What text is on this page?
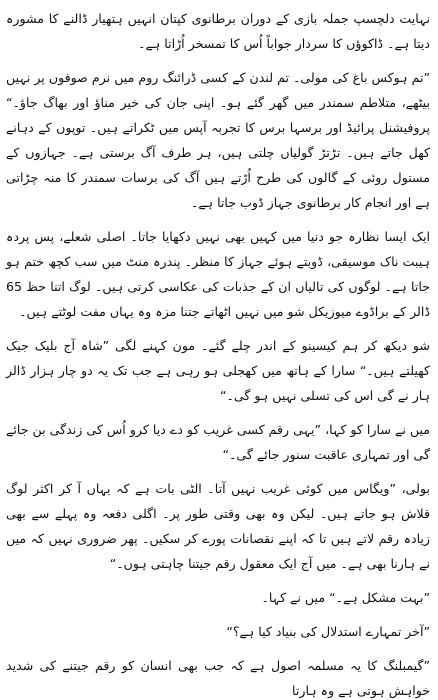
نہایت دلچسپ جملہ بازی کے دوران برطانوی کپتان انہیں ہتھیار ڈالنے کا مشورہ دیتا ہے۔ ڈاکوؤں کا سردار جواباً اُس کا تمسخر اُڑاتا ہے۔

”تم ہوکس باغ کی مولی۔ تم لندن کے کسی ڈرائنگ روم میں نرم صوفوں پر نہیں بیٹھے، متلاطم سمندر میں گھر گئے ہو۔ اپنی جان کی خیر مناؤ اور بھاگ جاؤ۔“ پروفیشنل پرائیڈ اور برسہا برس کا تجربہ آپس میں ٹکراتے ہیں۔ توپوں کے دہانے کھل جاتے ہیں۔ تڑتڑ گولیاں چلتی ہیں، ہر طرف آگ برستی ہے۔ جہازوں کے مستول روئی کے گالوں کی طرح اُڑتے ہیں آگ کی برسات سمندر کا منہ چڑاتی ہے اور انجام کار برطانوی جہاز ڈوب جاتا ہے۔

ایک ایسا نظارہ جو دنیا میں کہیں بھی نہیں دکھایا جاتا۔ اصلی شعلے، پس پردہ ہیبت ناک موسیقی، ڈوبتے ہوئے جہاز کا منظر۔ پندرہ منٹ میں سب کچھ ختم ہو جاتا ہے۔ لوگوں کی تالیاں ان کے جذبات کی عکاسی کرتی ہیں۔ لوگ اتنا حظ 65 ڈالر کے براڈوے میوزیکل شو میں نہیں اٹھاتے جتنا مزہ وہ یہاں مفت لوٹتے ہیں۔

شو دیکھ کر ہم کیسینو کے اندر چلے گئے۔ مون کہنے لگی ”شاہ آج بلیک جیک کھیلتے ہیں۔“ سارا کے ہاتھ میں کھجلی ہو رہی ہے جب تک یہ دو چار ہزار ڈالر ہار نے گی اس کی تسلی نہیں ہو گی۔“

میں نے سارا کو کہا، ”یہی رقم کسی غریب کو دے دیا کرو اُس کی زندگی بن جائے گی اور تمہاری عاقبت سنور جائے گی۔“

بولی، ”ویگاس میں کوئی غریب نہیں آتا۔ الٹی بات ہے کہ یہاں آ کر اکثر لوگ قلاش ہو جاتے ہیں۔ لیکن وہ بھی وقتی طور پر۔ اگلی دفعہ وہ پہلے سے بھی زیادہ رقم لاتے ہیں تا کہ اپنے نقصانات پورے کر سکیں۔ پھر ضروری نہیں کہ میں نے ہارنا بھی ہے۔ میں آج ایک معقول رقم جیتنا چاہتی ہوں۔“

”بہت مشکل ہے۔“ میں نے کہا۔

”آخر تمہارے استدلال کی بنیاد کیا ہے؟“

”گیمبلنگ کا یہ مسلمہ اصول ہے کہ جب بھی انسان کو رقم جیتنے کی شدید خواہش ہوتی ہے وہ ہارتا
